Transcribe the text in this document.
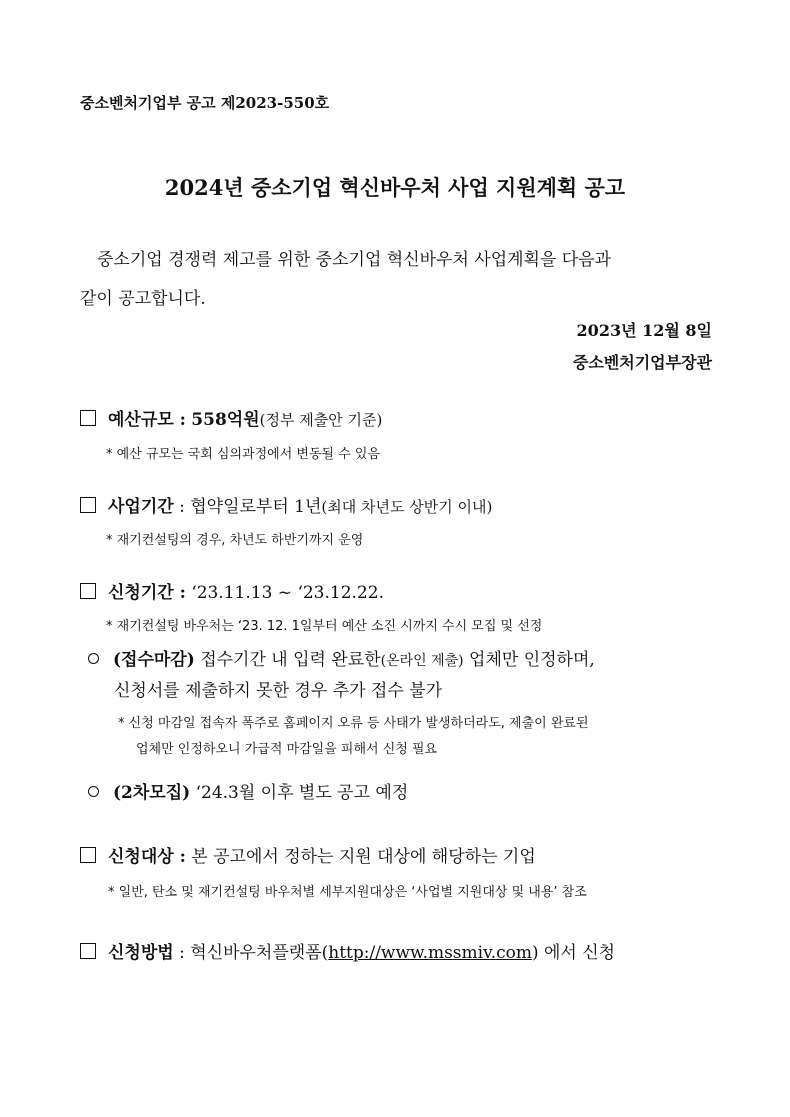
중소벤처기업부 공고 제2023-550호
2024년 중소기업 혁신바우처 사업 지원계획 공고
중소기업 경쟁력 제고를 위한 중소기업 혁신바우처 사업계획을 다음과
같이 공고합니다.
2023년 12월 8일
중소벤처기업부장관
예산규모 : 558억원(정부 제출안 기준)
* 예산 규모는 국회 심의과정에서 변동될 수 있음
사업기간 : 협약일로부터 1년(최대 차년도 상반기 이내)
* 재기컨설팅의 경우, 차년도 하반기까지 운영
신청기간 : ‘23.11.13 ~ ‘23.12.22.
* 재기컨설팅 바우처는 ‘23. 12. 1일부터 예산 소진 시까지 수시 모집 및 선정
(접수마감) 접수기간 내 입력 완료한(온라인 제출) 업체만 인정하며,
신청서를 제출하지 못한 경우 추가 접수 불가
* 신청 마감일 접속자 폭주로 홈페이지 오류 등 사태가 발생하더라도, 제출이 완료된
업체만 인정하오니 가급적 마감일을 피해서 신청 필요
(2차모집) ‘24.3월 이후 별도 공고 예정
신청대상 : 본 공고에서 정하는 지원 대상에 해당하는 기업
* 일반, 탄소 및 재기컨설팅 바우처별 세부지원대상은 ‘사업별 지원대상 및 내용’ 참조
신청방법 : 혁신바우처플랫폼(http://www.mssmiv.com) 에서 신청
